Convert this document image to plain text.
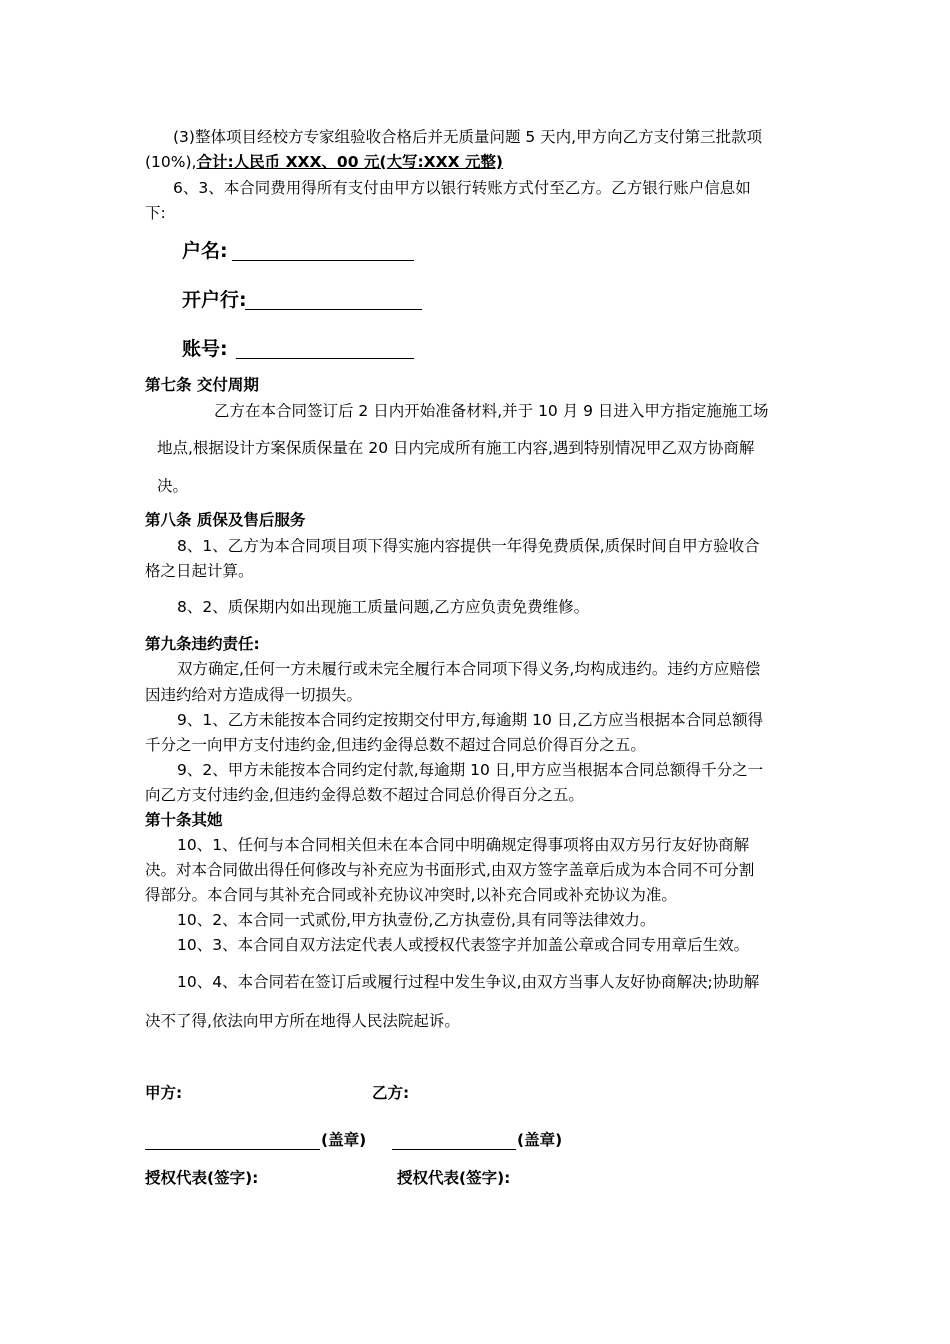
(3)整体项目经校方专家组验收合格后并无质量问题 5 天内,甲方向乙方支付第三批款项
(10%),合计:人民币 XXX、00 元(大写:XXX 元整)
6、3、本合同费用得所有支付由甲方以银行转账方式付至乙方。乙方银行账户信息如
下:
户名:
开户行:
账号:
第七条 交付周期
乙方在本合同签订后 2 日内开始准备材料,并于 10 月 9 日进入甲方指定施施工场
地点,根据设计方案保质保量在 20 日内完成所有施工内容,遇到特别情况甲乙双方协商解
决。
第八条 质保及售后服务
8、1、乙方为本合同项目项下得实施内容提供一年得免费质保,质保时间自甲方验收合
格之日起计算。
8、2、质保期内如出现施工质量问题,乙方应负责免费维修。
第九条违约责任:
双方确定,任何一方未履行或未完全履行本合同项下得义务,均构成违约。违约方应赔偿
因违约给对方造成得一切损失。
9、1、乙方未能按本合同约定按期交付甲方,每逾期 10 日,乙方应当根据本合同总额得
千分之一向甲方支付违约金,但违约金得总数不超过合同总价得百分之五。
9、2、甲方未能按本合同约定付款,每逾期 10 日,甲方应当根据本合同总额得千分之一
向乙方支付违约金,但违约金得总数不超过合同总价得百分之五。
第十条其她
10、1、任何与本合同相关但未在本合同中明确规定得事项将由双方另行友好协商解
决。对本合同做出得任何修改与补充应为书面形式,由双方签字盖章后成为本合同不可分割
得部分。本合同与其补充合同或补充协议冲突时,以补充合同或补充协议为准。
10、2、本合同一式贰份,甲方执壹份,乙方执壹份,具有同等法律效力。
10、3、本合同自双方法定代表人或授权代表签字并加盖公章或合同专用章后生效。
10、4、本合同若在签订后或履行过程中发生争议,由双方当事人友好协商解决;协助解
决不了得,依法向甲方所在地得人民法院起诉。
甲方:	乙方:
(盖章)	(盖章)
授权代表(签字):	授权代表(签字):
